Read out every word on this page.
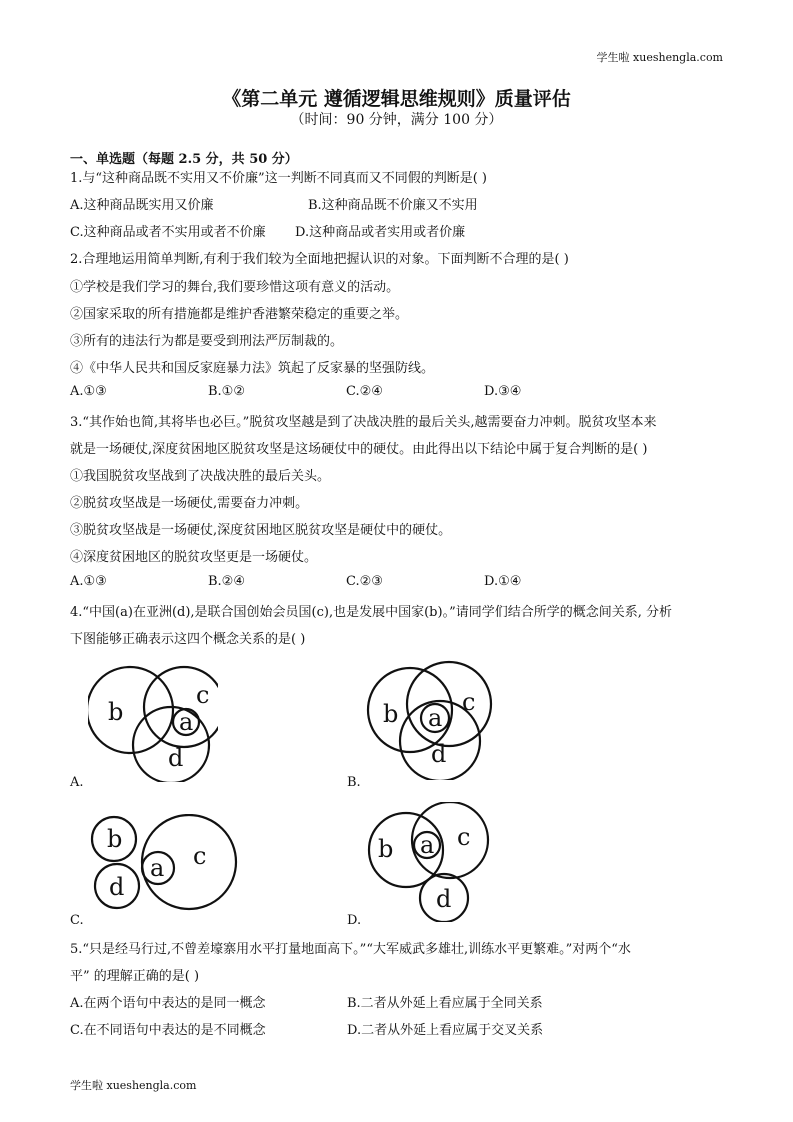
学生啦 xueshengla.com
《第二单元 遵循逻辑思维规则》质量评估
（时间：90 分钟，满分 100 分）
一、单选题（每题 2.5 分，共 50 分）
1.与“这种商品既不实用又不价廉”这一判断不同真而又不同假的判断是( )
A.这种商品既实用又价廉	B.这种商品既不价廉又不实用
C.这种商品或者不实用或者不价廉 D.这种商品或者实用或者价廉
2.合理地运用简单判断,有利于我们较为全面地把握认识的对象。下面判断不合理的是( )
①学校是我们学习的舞台,我们要珍惜这项有意义的活动。
②国家采取的所有措施都是维护香港繁荣稳定的重要之举。
③所有的违法行为都是要受到刑法严厉制裁的。
④《中华人民共和国反家庭暴力法》筑起了反家暴的坚强防线。
A.①③	B.①②	C.②④	D.③④
3.“其作始也简,其将毕也必巨。”脱贫攻坚越是到了决战决胜的最后关头,越需要奋力冲刺。脱贫攻坚本来
就是一场硬仗,深度贫困地区脱贫攻坚是这场硬仗中的硬仗。由此得出以下结论中属于复合判断的是( )
①我国脱贫攻坚战到了决战决胜的最后关头。
②脱贫攻坚战是一场硬仗,需要奋力冲刺。
③脱贫攻坚战是一场硬仗,深度贫困地区脱贫攻坚是硬仗中的硬仗。
④深度贫困地区的脱贫攻坚更是一场硬仗。
A.①③	B.②④	C.②③	D.①④
4.“中国(a)在亚洲(d),是联合国创始会员国(c),也是发展中国家(b)。”请同学们结合所学的概念间关系, 分析
下图能够正确表示这四个概念关系的是( )
b
c
a
d
A.
b	c
a
d
B.
b
d
a c
C.
b	c
a
d
D.
5.“只是经马行过,不曾差壕寨用水平打量地面高下。”“大军威武多雄壮,训练水平更繁难。”对两个“水
平” 的理解正确的是( )
A.在两个语句中表达的是同一概念	B.二者从外延上看应属于全同关系
C.在不同语句中表达的是不同概念	D.二者从外延上看应属于交叉关系
学生啦 xueshengla.com
